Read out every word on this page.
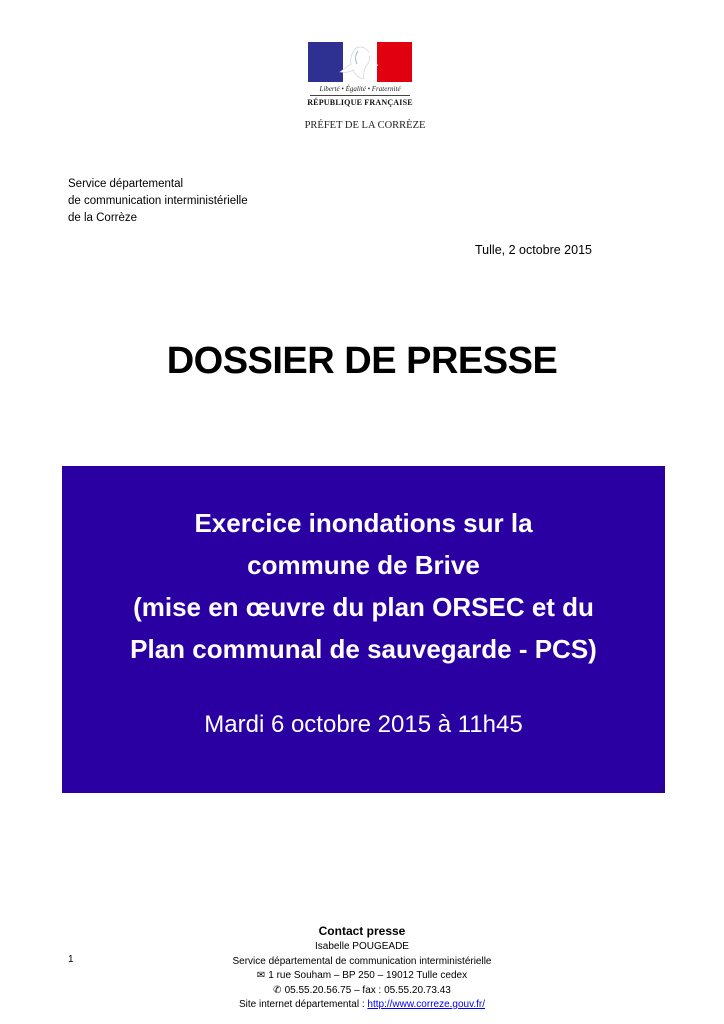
Liberté • Égalité • Fraternité
RÉPUBLIQUE FRANÇAISE
PRÉFET DE LA CORRÈZE
Service départemental
de communication interministérielle
de la Corrèze
Tulle, 2 octobre 2015
DOSSIER DE PRESSE
Exercice inondations sur la
commune de Brive
(mise en œuvre du plan ORSEC et du
Plan communal de sauvegarde - PCS)
Mardi 6 octobre 2015 à 11h45
1
Contact presse
Isabelle POUGEADE
Service départemental de communication interministérielle
✉ 1 rue Souham – BP 250 – 19012 Tulle cedex
✆ 05.55.20.56.75 – fax : 05.55.20.73.43
Site internet départemental : http://www.correze.gouv.fr/
